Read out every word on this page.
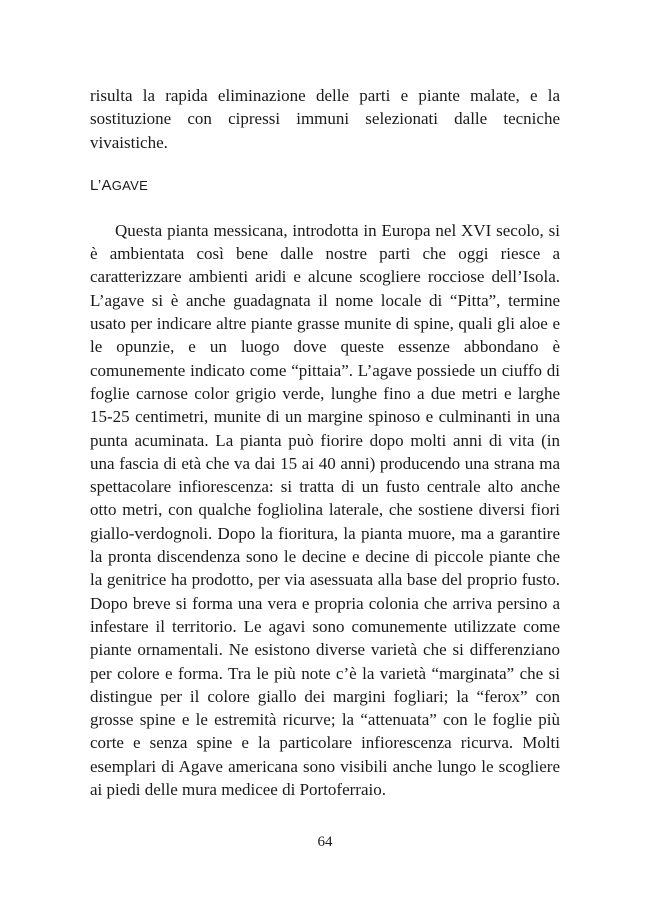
risulta la rapida eliminazione delle parti e piante malate, e la sostituzione con cipressi immuni selezionati dalle tecniche vivaistiche.

L’AGAVE

Questa pianta messicana, introdotta in Europa nel XVI secolo, si è ambientata così bene dalle nostre parti che oggi riesce a caratterizzare ambienti aridi e alcune scogliere rocciose dell’Isola. L’agave si è anche guadagnata il nome locale di “Pitta”, termine usato per indicare altre piante grasse munite di spine, quali gli aloe e le opunzie, e un luogo dove queste essenze abbondano è comunemente indicato come “pittaia”. L’agave possiede un ciuffo di foglie carnose color grigio verde, lunghe fino a due metri e larghe 15-25 centimetri, munite di un margine spinoso e culminanti in una punta acuminata. La pianta può fiorire dopo molti anni di vita (in una fascia di età che va dai 15 ai 40 anni) producendo una strana ma spettacolare infiorescenza: si tratta di un fusto centrale alto anche otto metri, con qualche fogliolina laterale, che sostiene diversi fiori giallo-verdognoli. Dopo la fioritura, la pianta muore, ma a garantire la pronta discendenza sono le decine e decine di piccole piante che la genitrice ha prodotto, per via asessuata alla base del proprio fusto. Dopo breve si forma una vera e propria colonia che arriva persino a infestare il territorio. Le agavi sono comunemente utilizzate come piante ornamentali. Ne esistono diverse varietà che si differenziano per colore e forma. Tra le più note c’è la varietà “marginata” che si distingue per il colore giallo dei margini fogliari; la “ferox” con grosse spine e le estremità ricurve; la “attenuata” con le foglie più corte e senza spine e la particolare infiorescenza ricurva. Molti esemplari di Agave americana sono visibili anche lungo le scogliere ai piedi delle mura medicee di Portoferraio.

64
